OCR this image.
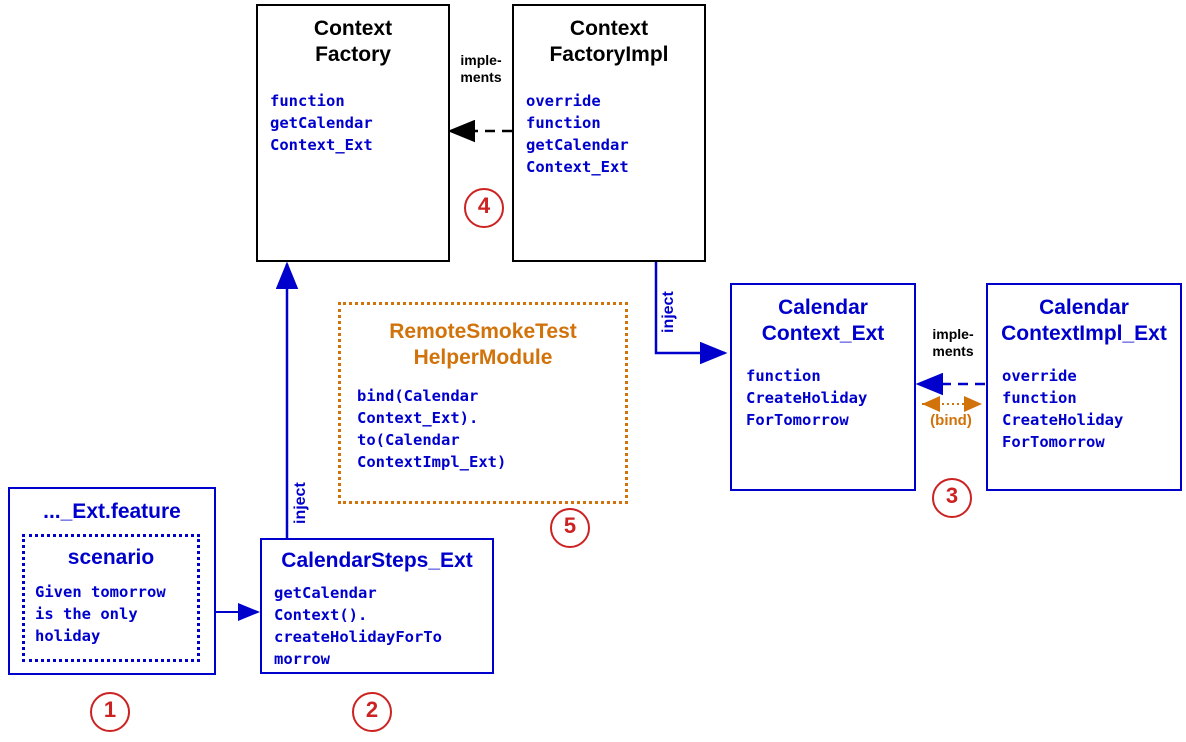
Context
Factory
function
getCalendar
Context_Ext
Context
FactoryImpl
override
function
getCalendar
Context_Ext
imple-
ments
inject
RemoteSmokeTest
HelperModule
bind(Calendar
Context_Ext).
to(Calendar
ContextImpl_Ext)
Calendar
Context_Ext
function
CreateHoliday
ForTomorrow
Calendar
ContextImpl_Ext
override
function
CreateHoliday
ForTomorrow
imple-
ments
(bind)
..._Ext.feature
scenario
Given tomorrow
is the only
holiday
CalendarSteps_Ext
getCalendar
Context().
createHolidayForTo
morrow
inject
1	2
3
4
5
